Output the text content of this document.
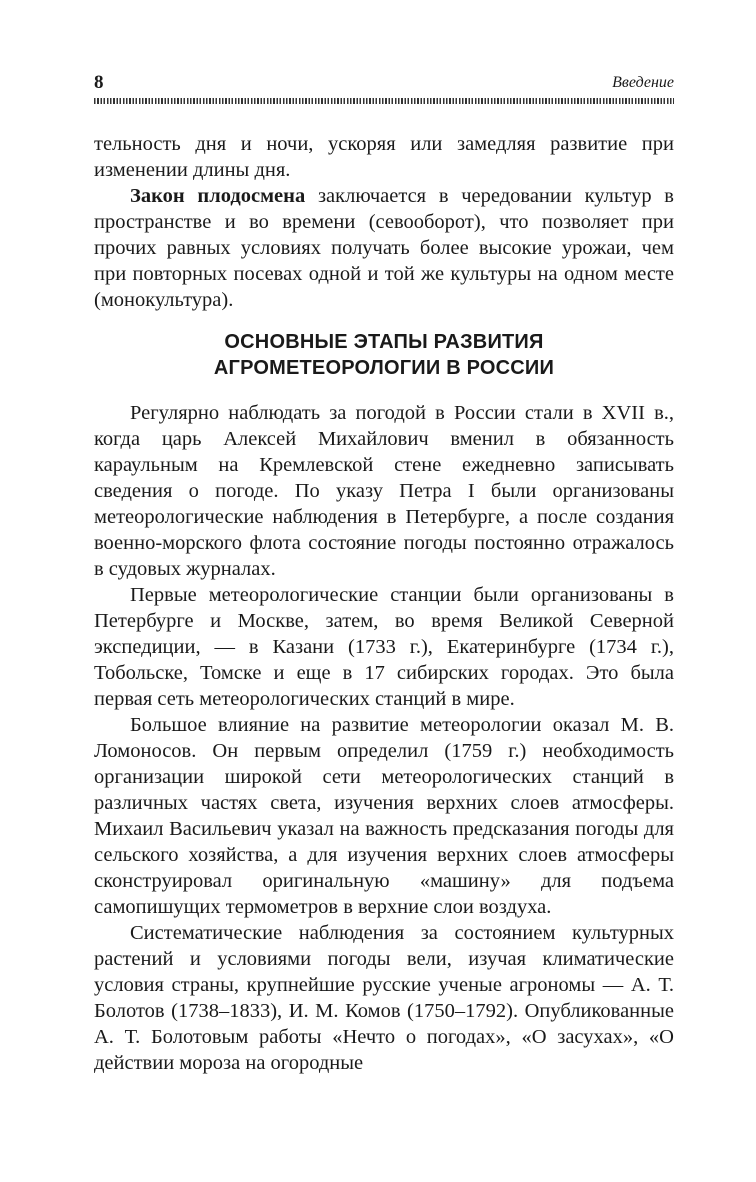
8	Введение

тельность дня и ночи, ускоряя или замедляя развитие при изменении длины дня.

Закон плодосмена заключается в чередовании культур в пространстве и во времени (севооборот), что позволяет при прочих равных условиях получать более высокие урожаи, чем при повторных посевах одной и той же культуры на одном месте (монокультура).

ОСНОВНЫЕ ЭТАПЫ РАЗВИТИЯ
АГРОМЕТЕОРОЛОГИИ В РОССИИ

Регулярно наблюдать за погодой в России стали в XVII в., когда царь Алексей Михайлович вменил в обязанность караульным на Кремлевской стене ежедневно записывать сведения о погоде. По указу Петра I были организованы метеорологические наблюдения в Петербурге, а после создания военно-морского флота состояние погоды постоянно отражалось в судовых журналах.

Первые метеорологические станции были организованы в Петербурге и Москве, затем, во время Великой Северной экспедиции, — в Казани (1733 г.), Екатеринбурге (1734 г.), Тобольске, Томске и еще в 17 сибирских городах. Это была первая сеть метеорологических станций в мире.

Большое влияние на развитие метеорологии оказал М. В. Ломоносов. Он первым определил (1759 г.) необходимость организации широкой сети метеорологических станций в различных частях света, изучения верхних слоев атмосферы. Михаил Васильевич указал на важность предсказания погоды для сельского хозяйства, а для изучения верхних слоев атмосферы сконструировал оригинальную «машину» для подъема самопишущих термометров в верхние слои воздуха.

Систематические наблюдения за состоянием культурных растений и условиями погоды вели, изучая климатические условия страны, крупнейшие русские ученые агрономы — А. Т. Болотов (1738–1833), И. М. Комов (1750–1792). Опубликованные А. Т. Болотовым работы «Нечто о погодах», «О засухах», «О действии мороза на огородные
